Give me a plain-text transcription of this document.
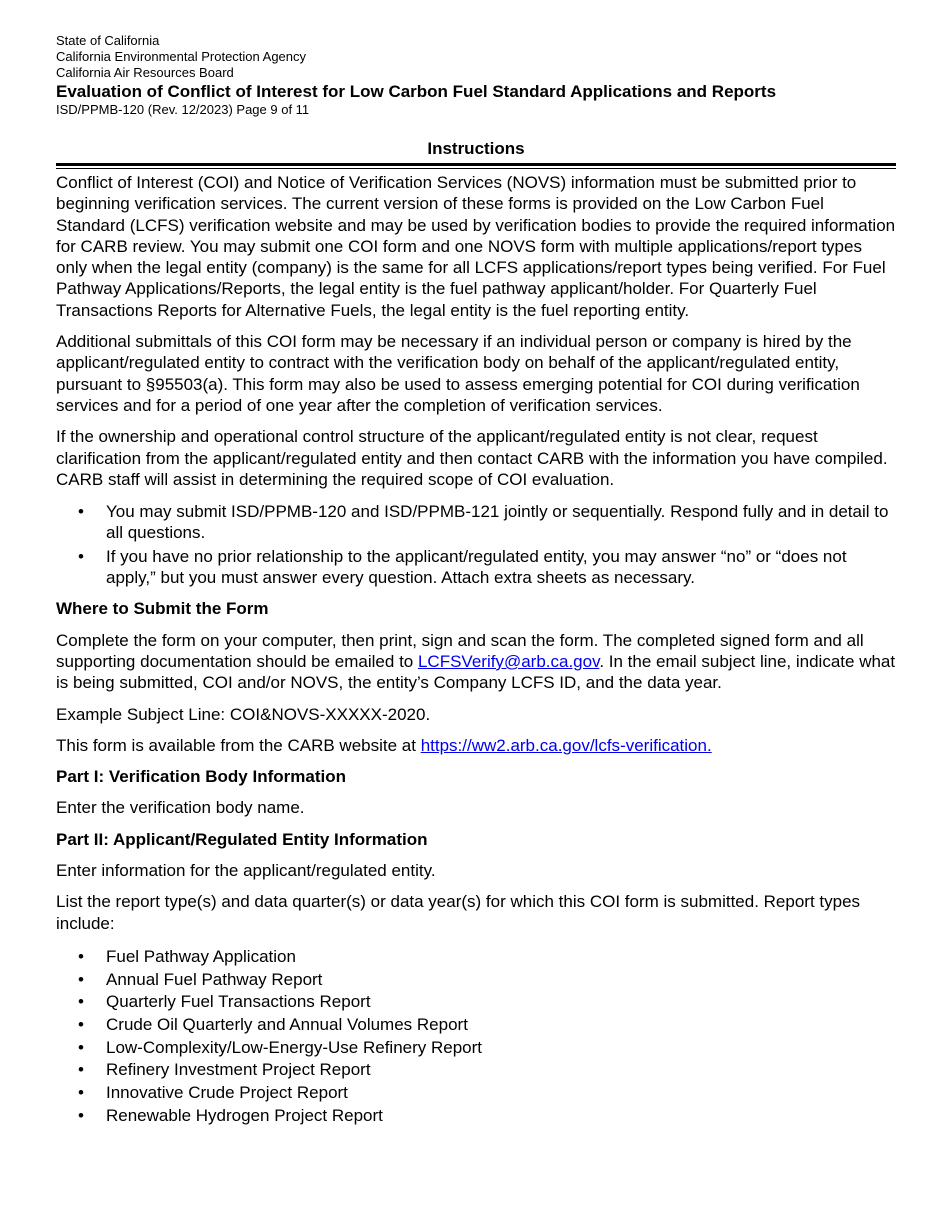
State of California
California Environmental Protection Agency
California Air Resources Board
Evaluation of Conflict of Interest for Low Carbon Fuel Standard Applications and Reports
ISD/PPMB-120 (Rev. 12/2023) Page 9 of 11
Instructions

Conflict of Interest (COI) and Notice of Verification Services (NOVS) information must be submitted prior to beginning verification services. The current version of these forms is provided on the Low Carbon Fuel Standard (LCFS) verification website and may be used by verification bodies to provide the required information for CARB review. You may submit one COI form and one NOVS form with multiple applications/report types only when the legal entity (company) is the same for all LCFS applications/report types being verified. For Fuel Pathway Applications/Reports, the legal entity is the fuel pathway applicant/holder. For Quarterly Fuel Transactions Reports for Alternative Fuels, the legal entity is the fuel reporting entity.

Additional submittals of this COI form may be necessary if an individual person or company is hired by the applicant/regulated entity to contract with the verification body on behalf of the applicant/regulated entity, pursuant to §95503(a). This form may also be used to assess emerging potential for COI during verification services and for a period of one year after the completion of verification services.

If the ownership and operational control structure of the applicant/regulated entity is not clear, request clarification from the applicant/regulated entity and then contact CARB with the information you have compiled. CARB staff will assist in determining the required scope of COI evaluation.

• You may submit ISD/PPMB-120 and ISD/PPMB-121 jointly or sequentially. Respond fully and in detail to all questions.
• If you have no prior relationship to the applicant/regulated entity, you may answer “no” or “does not apply,” but you must answer every question. Attach extra sheets as necessary.

Where to Submit the Form

Complete the form on your computer, then print, sign and scan the form. The completed signed form and all supporting documentation should be emailed to LCFSVerify@arb.ca.gov. In the email subject line, indicate what is being submitted, COI and/or NOVS, the entity’s Company LCFS ID, and the data year.

Example Subject Line: COI&NOVS-XXXXX-2020.

This form is available from the CARB website at https://ww2.arb.ca.gov/lcfs-verification.

Part I: Verification Body Information

Enter the verification body name.

Part II: Applicant/Regulated Entity Information

Enter information for the applicant/regulated entity.

List the report type(s) and data quarter(s) or data year(s) for which this COI form is submitted. Report types include:

• Fuel Pathway Application
• Annual Fuel Pathway Report
• Quarterly Fuel Transactions Report
• Crude Oil Quarterly and Annual Volumes Report
• Low-Complexity/Low-Energy-Use Refinery Report
• Refinery Investment Project Report
• Innovative Crude Project Report
• Renewable Hydrogen Project Report
